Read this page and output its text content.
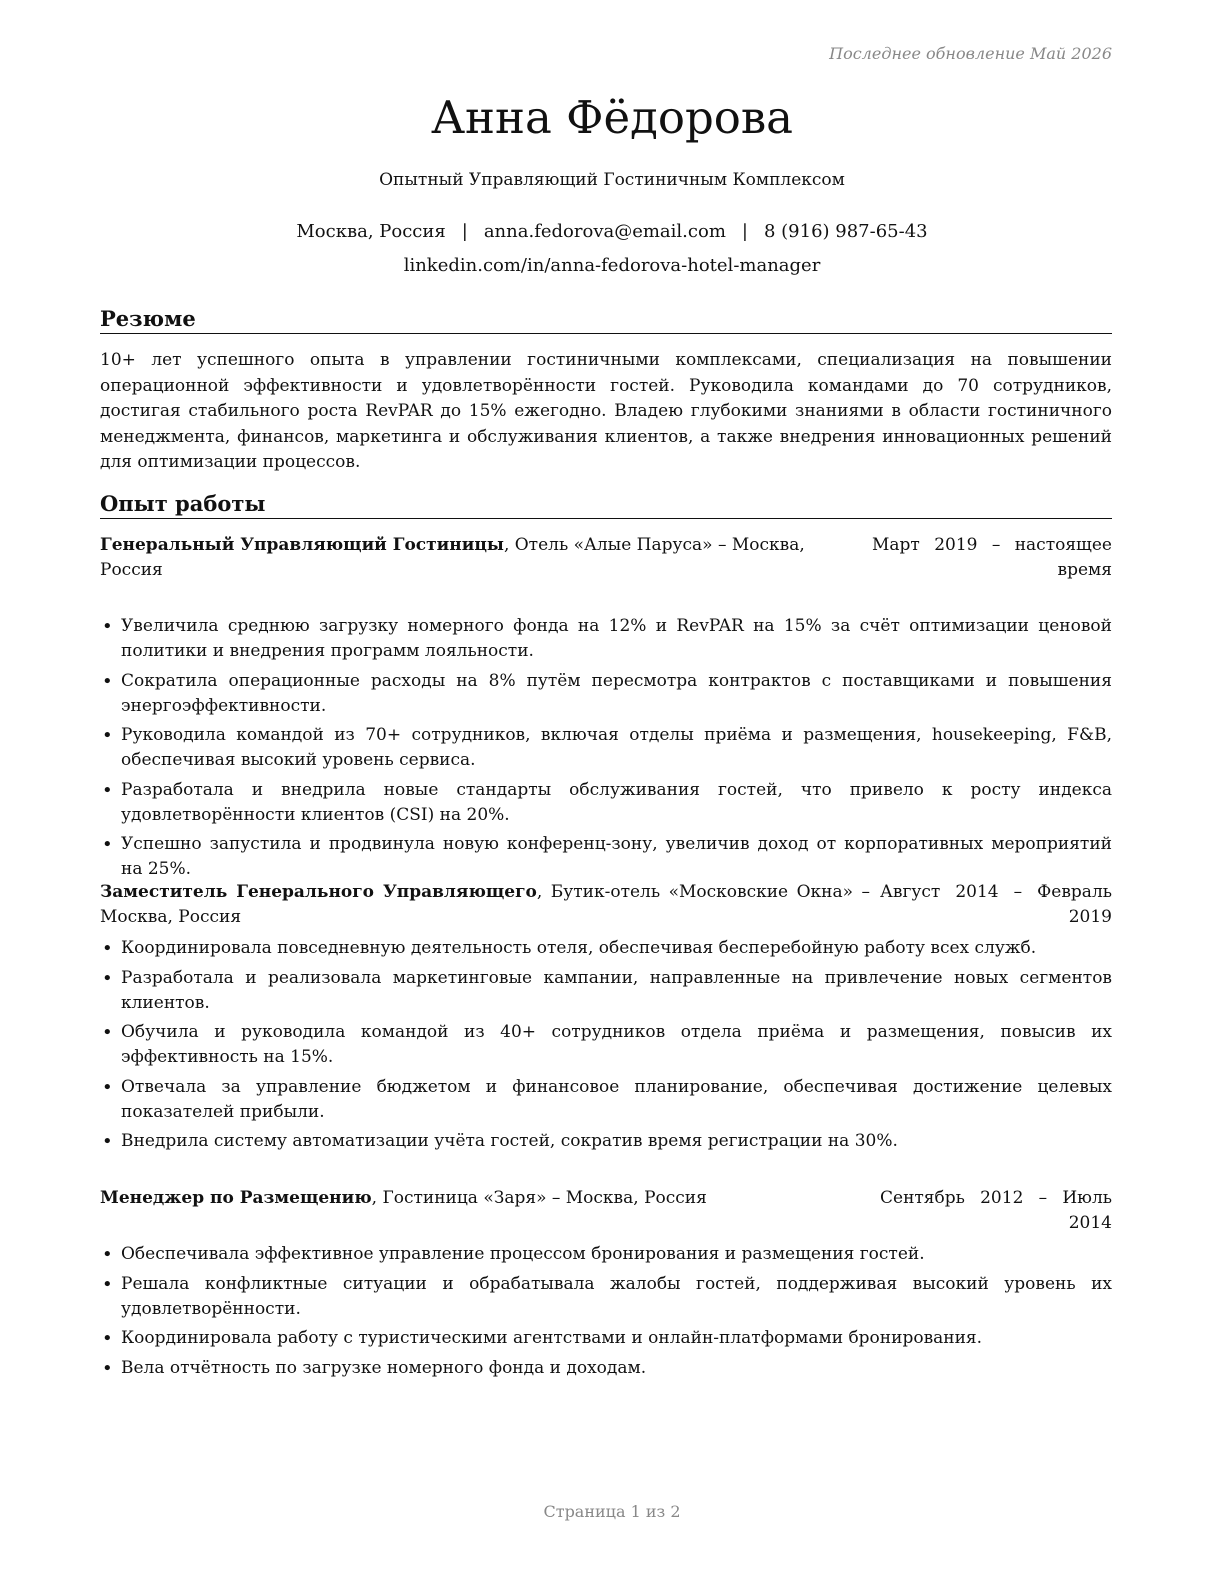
Последнее обновление Май 2026
Анна Фёдорова
Опытный Управляющий Гостиничным Комплексом
Москва, Россия | anna.fedorova@email.com | 8 (916) 987-65-43
linkedin.com/in/anna-fedorova-hotel-manager
Резюме

10+ лет успешного опыта в управлении гостиничными комплексами, специализация на повышении операционной эффективности и удовлетворённости гостей. Руководила командами до 70 сотрудников, достигая стабильного роста RevPAR до 15% ежегодно. Владею глубокими знаниями в области гостиничного менеджмента, финансов, маркетинга и обслуживания клиентов, а также внедрения инновационных решений для оптимизации процессов.

Опыт работы
Генеральный Управляющий Гостиницы, Отель «Алые Паруса» – Москва, Россия
Март 2019 – настоящее
время
• Увеличила среднюю загрузку номерного фонда на 12% и RevPAR на 15% за счёт оптимизации ценовой политики и внедрения программ лояльности.
• Сократила операционные расходы на 8% путём пересмотра контрактов с поставщиками и повышения энергоэффективности.
• Руководила командой из 70+ сотрудников, включая отделы приёма и размещения, housekeeping, F&B, обеспечивая высокий уровень сервиса.
• Разработала и внедрила новые стандарты обслуживания гостей, что привело к росту индекса удовлетворённости клиентов (CSI) на 20%.
• Успешно запустила и продвинула новую конференц-зону, увеличив доход от корпоративных мероприятий на 25%.
Заместитель Генерального Управляющего, Бутик-отель «Московские Окна» –
Москва, Россия
Август 2014 – Февраль
2019
• Координировала повседневную деятельность отеля, обеспечивая бесперебойную работу всех служб.
• Разработала и реализовала маркетинговые кампании, направленные на привлечение новых сегментов клиентов.
• Обучила и руководила командой из 40+ сотрудников отдела приёма и размещения, повысив их эффективность на 15%.
• Отвечала за управление бюджетом и финансовое планирование, обеспечивая достижение целевых показателей прибыли.
• Внедрила систему автоматизации учёта гостей, сократив время регистрации на 30%.
Менеджер по Размещению, Гостиница «Заря» – Москва, Россия	Сентябрь 2012 – Июль
2014
• Обеспечивала эффективное управление процессом бронирования и размещения гостей.
• Решала конфликтные ситуации и обрабатывала жалобы гостей, поддерживая высокий уровень их удовлетворённости.
• Координировала работу с туристическими агентствами и онлайн-платформами бронирования.
• Вела отчётность по загрузке номерного фонда и доходам.
Страница 1 из 2
